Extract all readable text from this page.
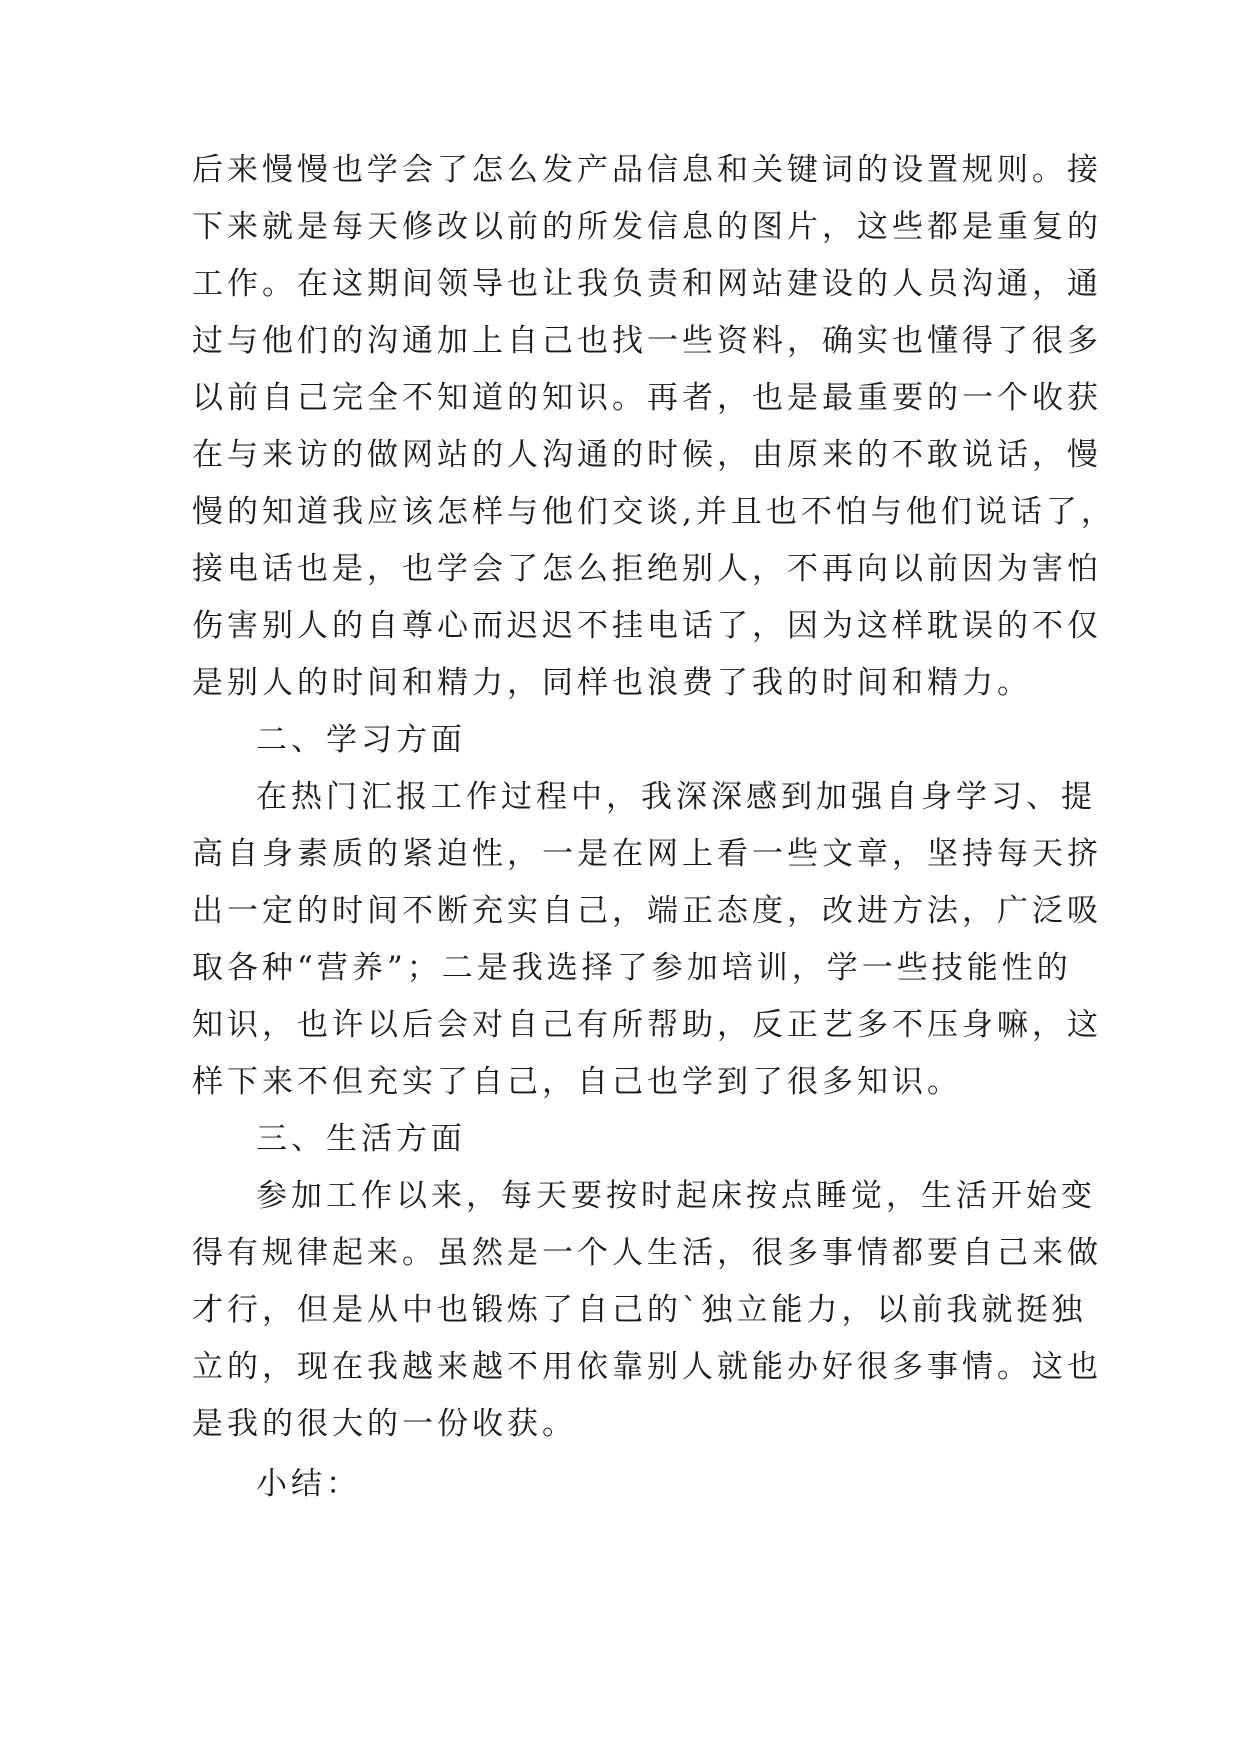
后来慢慢也学会了怎么发产品信息和关键词的设置规则。接
下来就是每天修改以前的所发信息的图片，这些都是重复的
工作。在这期间领导也让我负责和网站建设的人员沟通，通
过与他们的沟通加上自己也找一些资料，确实也懂得了很多
以前自己完全不知道的知识。再者，也是最重要的一个收获
在与来访的做网站的人沟通的时候，由原来的不敢说话，慢
慢的知道我应该怎样与他们交谈,并且也不怕与他们说话了，
接电话也是，也学会了怎么拒绝别人，不再向以前因为害怕
伤害别人的自尊心而迟迟不挂电话了，因为这样耽误的不仅
是别人的时间和精力，同样也浪费了我的时间和精力。
二、学习方面
在热门汇报工作过程中，我深深感到加强自身学习、提
高自身素质的紧迫性，一是在网上看一些文章，坚持每天挤
出一定的时间不断充实自己，端正态度，改进方法，广泛吸
取各种“营养”；二是我选择了参加培训，学一些技能性的
知识，也许以后会对自己有所帮助，反正艺多不压身嘛，这
样下来不但充实了自己，自己也学到了很多知识。
三、生活方面
参加工作以来，每天要按时起床按点睡觉，生活开始变
得有规律起来。虽然是一个人生活，很多事情都要自己来做
才行，但是从中也锻炼了自己的`独立能力，以前我就挺独
立的，现在我越来越不用依靠别人就能办好很多事情。这也
是我的很大的一份收获。
小结：
